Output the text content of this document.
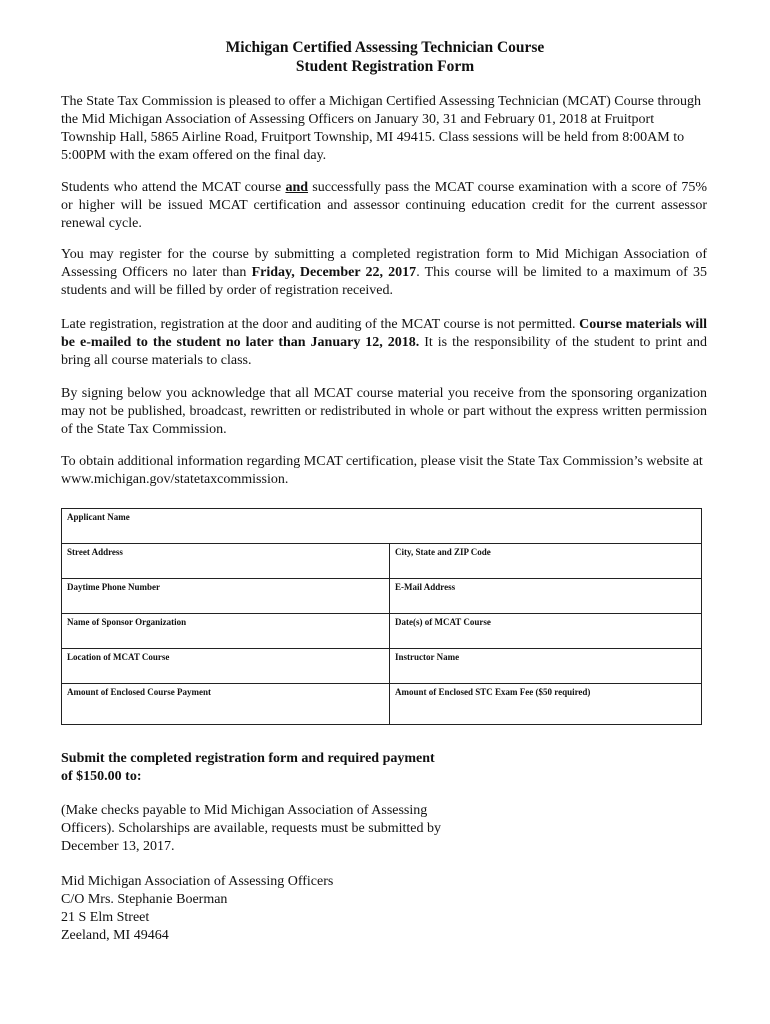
Michigan Certified Assessing Technician Course
Student Registration Form

The State Tax Commission is pleased to offer a Michigan Certified Assessing Technician (MCAT) Course through the Mid Michigan Association of Assessing Officers on January 30, 31 and February 01, 2018 at Fruitport Township Hall, 5865 Airline Road, Fruitport Township, MI 49415. Class sessions will be held from 8:00AM to 5:00PM with the exam offered on the final day.

Students who attend the MCAT course and successfully pass the MCAT course examination with a score of 75% or higher will be issued MCAT certification and assessor continuing education credit for the current assessor renewal cycle.

You may register for the course by submitting a completed registration form to Mid Michigan Association of Assessing Officers no later than Friday, December 22, 2017. This course will be limited to a maximum of 35 students and will be filled by order of registration received.

Late registration, registration at the door and auditing of the MCAT course is not permitted. Course materials will be e-mailed to the student no later than January 12, 2018. It is the responsibility of the student to print and bring all course materials to class.

By signing below you acknowledge that all MCAT course material you receive from the sponsoring organization may not be published, broadcast, rewritten or redistributed in whole or part without the express written permission of the State Tax Commission.

To obtain additional information regarding MCAT certification, please visit the State Tax Commission’s website at www.michigan.gov/statetaxcommission.

Applicant Name	
Street Address	City, State and ZIP Code
Daytime Phone Number	E-Mail Address
Name of Sponsor Organization	Date(s) of MCAT Course
Location of MCAT Course	Instructor Name
Amount of Enclosed Course Payment	Amount of Enclosed STC Exam Fee ($50 required)
Submit the completed registration form and required payment
of $150.00 to:
(Make checks payable to Mid Michigan Association of Assessing Officers). Scholarships are available, requests must be submitted by December 13, 2017.
Mid Michigan Association of Assessing Officers
C/O Mrs. Stephanie Boerman
21 S Elm Street
Zeeland, MI 49464
